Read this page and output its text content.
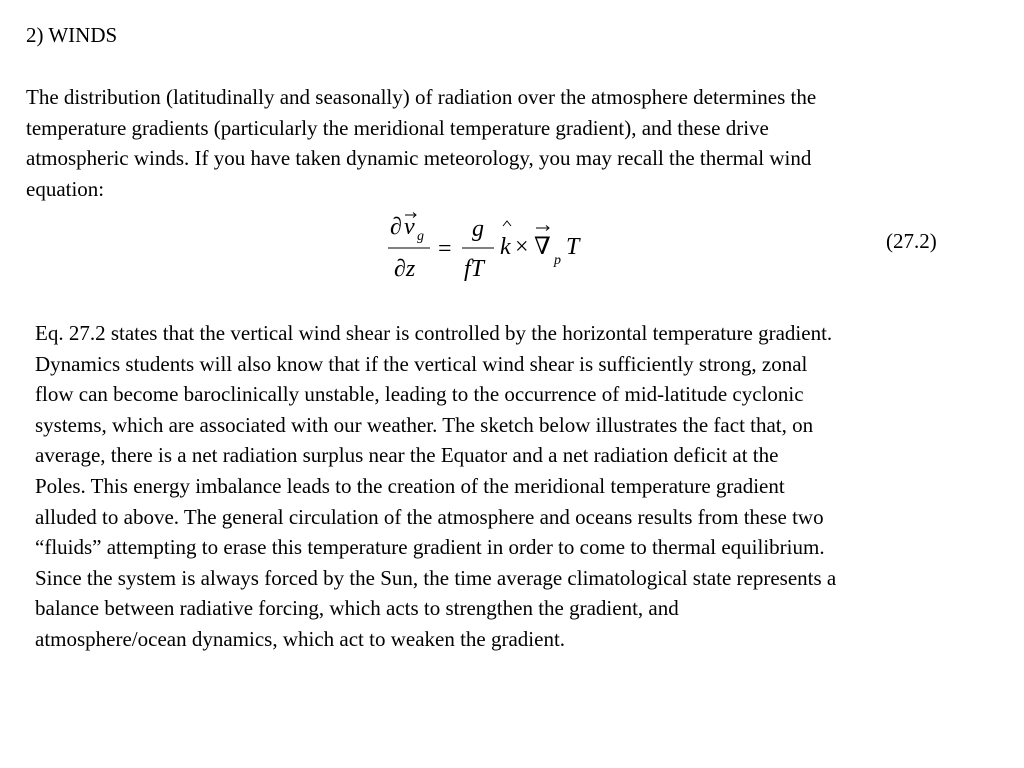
2) WINDS

The distribution (latitudinally and seasonally) of radiation over the atmosphere determines the
temperature gradients (particularly the meridional temperature gradient), and these drive
atmospheric winds. If you have taken dynamic meteorology, you may recall the thermal wind
equation:

∂ v g
∂z
=
g
fT
k × ∇
p
T	(27.2)

Eq. 27.2 states that the vertical wind shear is controlled by the horizontal temperature gradient.
Dynamics students will also know that if the vertical wind shear is sufficiently strong, zonal
flow can become baroclinically unstable, leading to the occurrence of mid-latitude cyclonic
systems, which are associated with our weather. The sketch below illustrates the fact that, on
average, there is a net radiation surplus near the Equator and a net radiation deficit at the
Poles. This energy imbalance leads to the creation of the meridional temperature gradient
alluded to above. The general circulation of the atmosphere and oceans results from these two
“fluids” attempting to erase this temperature gradient in order to come to thermal equilibrium.
Since the system is always forced by the Sun, the time average climatological state represents a
balance between radiative forcing, which acts to strengthen the gradient, and
atmosphere/ocean dynamics, which act to weaken the gradient.
